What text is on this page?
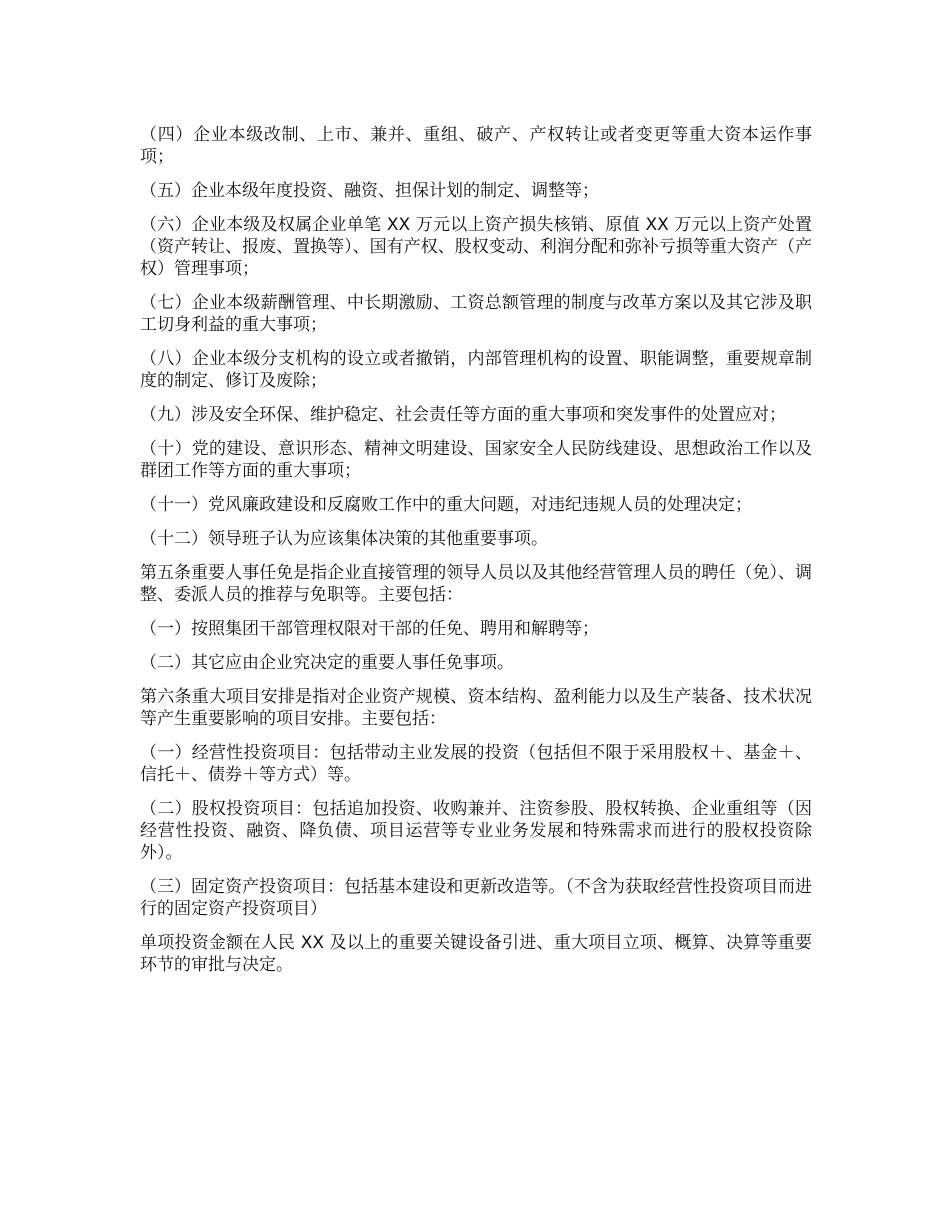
（四）企业本级改制、上市、兼并、重组、破产、产权转让或者变更等重大资本运作事项；

（五）企业本级年度投资、融资、担保计划的制定、调整等；

（六）企业本级及权属企业单笔 XX 万元以上资产损失核销、原值 XX 万元以上资产处置（资产转让、报废、置换等）、国有产权、股权变动、利润分配和弥补亏损等重大资产（产权）管理事项；

（七）企业本级薪酬管理、中长期激励、工资总额管理的制度与改革方案以及其它涉及职工切身利益的重大事项；

（八）企业本级分支机构的设立或者撤销，内部管理机构的设置、职能调整，重要规章制度的制定、修订及废除；

（九）涉及安全环保、维护稳定、社会责任等方面的重大事项和突发事件的处置应对；

（十）党的建设、意识形态、精神文明建设、国家安全人民防线建设、思想政治工作以及群团工作等方面的重大事项；

（十一）党风廉政建设和反腐败工作中的重大问题，对违纪违规人员的处理决定；

（十二）领导班子认为应该集体决策的其他重要事项。

第五条重要人事任免是指企业直接管理的领导人员以及其他经营管理人员的聘任（免）、调整、委派人员的推荐与免职等。主要包括：

（一）按照集团干部管理权限对干部的任免、聘用和解聘等；

（二）其它应由企业究决定的重要人事任免事项。

第六条重大项目安排是指对企业资产规模、资本结构、盈利能力以及生产装备、技术状况等产生重要影响的项目安排。主要包括：

（一）经营性投资项目：包括带动主业发展的投资（包括但不限于采用股权＋、基金＋、信托＋、债券＋等方式）等。

（二）股权投资项目：包括追加投资、收购兼并、注资参股、股权转换、企业重组等（因经营性投资、融资、降负债、项目运营等专业业务发展和特殊需求而进行的股权投资除外）。

（三）固定资产投资项目：包括基本建设和更新改造等。（不含为获取经营性投资项目而进行的固定资产投资项目）

单项投资金额在人民 XX 及以上的重要关键设备引进、重大项目立项、概算、决算等重要环节的审批与决定。
